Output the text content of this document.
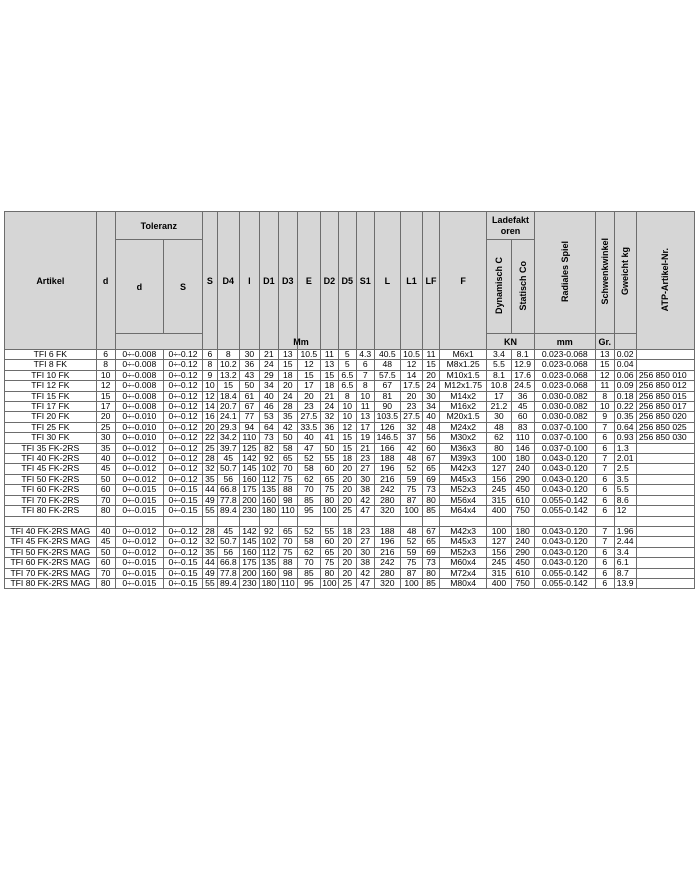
Artikel	d	Toleranz		S	D4	l	D1	D3	E	D2	D5	S1	L	L1	LF	F	Ladefakt oren		Radiales Spiel	Schwenkwinkel	Gweicht kg	ATP-Artikel-Nr.
		d	S														Dynamisch C	Statisch Co				
		Mm															KN		mm	Gr.		
TFI 6 FK	6	0÷-0.008	0÷-0.12	6	8	30	21	13	10.5	11	5	4.3	40.5	10.5	11	M6x1	3.4	8.1	0.023-0.068	13	0.02	
TFI 8 FK	8	0÷-0.008	0÷-0.12	8	10.2	36	24	15	12	13	5	6	48	12	15	M8x1.25	5.5	12.9	0.023-0.068	15	0.04	
TFI 10 FK	10	0÷-0.008	0÷-0.12	9	13.2	43	29	18	15	15	6.5	7	57.5	14	20	M10x1.5	8.1	17.6	0.023-0.068	12	0.06	256 850 010
TFI 12 FK	12	0÷-0.008	0÷-0.12	10	15	50	34	20	17	18	6.5	8	67	17.5	24	M12x1.75	10.8	24.5	0.023-0.068	11	0.09	256 850 012
TFI 15 FK	15	0÷-0.008	0÷-0.12	12	18.4	61	40	24	20	21	8	10	81	20	30	M14x2	17	36	0.030-0.082	8	0.18	256 850 015
TFI 17 FK	17	0÷-0.008	0÷-0.12	14	20.7	67	46	28	23	24	10	11	90	23	34	M16x2	21.2	45	0.030-0.082	10	0.22	256 850 017
TFI 20 FK	20	0÷-0.010	0÷-0.12	16	24.1	77	53	35	27.5	32	10	13	103.5	27.5	40	M20x1.5	30	60	0.030-0.082	9	0.35	256 850 020
TFI 25 FK	25	0÷-0.010	0÷-0.12	20	29.3	94	64	42	33.5	36	12	17	126	32	48	M24x2	48	83	0.037-0.100	7	0.64	256 850 025
TFI 30 FK	30	0÷-0.010	0÷-0.12	22	34.2	110	73	50	40	41	15	19	146.5	37	56	M30x2	62	110	0.037-0.100	6	0.93	256 850 030
TFI 35 FK-2RS	35	0÷-0.012	0÷-0.12	25	39.7	125	82	58	47	50	15	21	166	42	60	M36x3	80	146	0.037-0.100	6	1.3	
TFI 40 FK-2RS	40	0÷-0.012	0÷-0.12	28	45	142	92	65	52	55	18	23	188	48	67	M39x3	100	180	0.043-0.120	7	2.01	
TFI 45 FK-2RS	45	0÷-0.012	0÷-0.12	32	50.7	145	102	70	58	60	20	27	196	52	65	M42x3	127	240	0.043-0.120	7	2.5	
TFI 50 FK-2RS	50	0÷-0.012	0÷-0.12	35	56	160	112	75	62	65	20	30	216	59	69	M45x3	156	290	0.043-0.120	6	3.5	
TFI 60 FK-2RS	60	0÷-0.015	0÷-0.15	44	66.8	175	135	88	70	75	20	38	242	75	73	M52x3	245	450	0.043-0.120	6	5.5	
TFI 70 FK-2RS	70	0÷-0.015	0÷-0.15	49	77.8	200	160	98	85	80	20	42	280	87	80	M56x4	315	610	0.055-0.142	6	8.6	
TFI 80 FK-2RS	80	0÷-0.015	0÷-0.15	55	89.4	230	180	110	95	100	25	47	320	100	85	M64x4	400	750	0.055-0.142	6	12	

TFI 40 FK-2RS MAG	40	0÷-0.012	0÷-0.12	28	45	142	92	65	52	55	18	23	188	48	67	M42x3	100	180	0.043-0.120	7	1.96	
TFI 45 FK-2RS MAG	45	0÷-0.012	0÷-0.12	32	50.7	145	102	70	58	60	20	27	196	52	65	M45x3	127	240	0.043-0.120	7	2.44	
TFI 50 FK-2RS MAG	50	0÷-0.012	0÷-0.12	35	56	160	112	75	62	65	20	30	216	59	69	M52x3	156	290	0.043-0.120	6	3.4	
TFI 60 FK-2RS MAG	60	0÷-0.015	0÷-0.15	44	66.8	175	135	88	70	75	20	38	242	75	73	M60x4	245	450	0.043-0.120	6	6.1	
TFI 70 FK-2RS MAG	70	0÷-0.015	0÷-0.15	49	77.8	200	160	98	85	80	20	42	280	87	80	M72x4	315	610	0.055-0.142	6	8.7	
TFI 80 FK-2RS MAG	80	0÷-0.015	0÷-0.15	55	89.4	230	180	110	95	100	25	47	320	100	85	M80x4	400	750	0.055-0.142	6	13.9	
